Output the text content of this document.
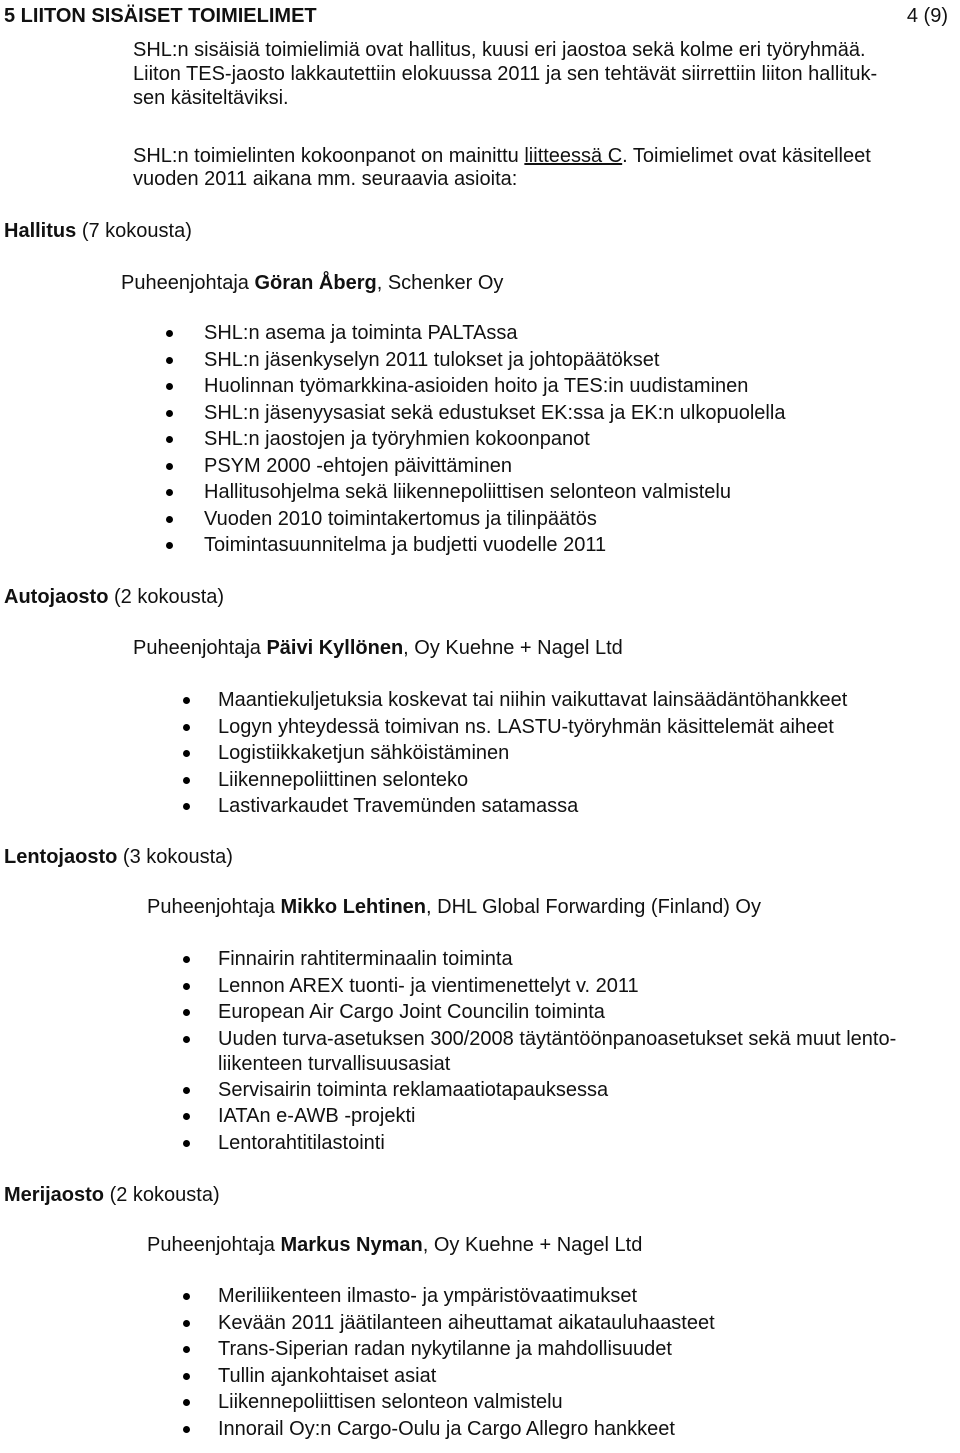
5 LIITON SISÄISET TOIMIELIMET	4 (9)
SHL:n sisäisiä toimielimiä ovat hallitus, kuusi eri jaostoa sekä kolme eri työryhmää.
Liiton TES-jaosto lakkautettiin elokuussa 2011 ja sen tehtävät siirrettiin liiton hallituk-
sen käsiteltäviksi.
SHL:n toimielinten kokoonpanot on mainittu liitteessä C. Toimielimet ovat käsitelleet
vuoden 2011 aikana mm. seuraavia asioita:
Hallitus (7 kokousta)
Puheenjohtaja Göran Åberg, Schenker Oy
SHL:n asema ja toiminta PALTAssa
SHL:n jäsenkyselyn 2011 tulokset ja johtopäätökset
Huolinnan työmarkkina-asioiden hoito ja TES:in uudistaminen
SHL:n jäsenyysasiat sekä edustukset EK:ssa ja EK:n ulkopuolella
SHL:n jaostojen ja työryhmien kokoonpanot
PSYM 2000 -ehtojen päivittäminen
Hallitusohjelma sekä liikennepoliittisen selonteon valmistelu
Vuoden 2010 toimintakertomus ja tilinpäätös
Toimintasuunnitelma ja budjetti vuodelle 2011
Autojaosto (2 kokousta)
Puheenjohtaja Päivi Kyllönen, Oy Kuehne + Nagel Ltd
Maantiekuljetuksia koskevat tai niihin vaikuttavat lainsäädäntöhankkeet
Logyn yhteydessä toimivan ns. LASTU-työryhmän käsittelemät aiheet
Logistiikkaketjun sähköistäminen
Liikennepoliittinen selonteko
Lastivarkaudet Travemünden satamassa
Lentojaosto (3 kokousta)
Puheenjohtaja Mikko Lehtinen, DHL Global Forwarding (Finland) Oy
Finnairin rahtiterminaalin toiminta
Lennon AREX tuonti- ja vientimenettelyt v. 2011
European Air Cargo Joint Councilin toiminta
Uuden turva-asetuksen 300/2008 täytäntöönpanoasetukset sekä muut lento-
liikenteen turvallisuusasiat
Servisairin toiminta reklamaatiotapauksessa
IATAn e-AWB -projekti
Lentorahtitilastointi
Merijaosto (2 kokousta)
Puheenjohtaja Markus Nyman, Oy Kuehne + Nagel Ltd
Meriliikenteen ilmasto- ja ympäristövaatimukset
Kevään 2011 jäätilanteen aiheuttamat aikatauluhaasteet
Trans-Siperian radan nykytilanne ja mahdollisuudet
Tullin ajankohtaiset asiat
Liikennepoliittisen selonteon valmistelu
Innorail Oy:n Cargo-Oulu ja Cargo Allegro hankkeet
